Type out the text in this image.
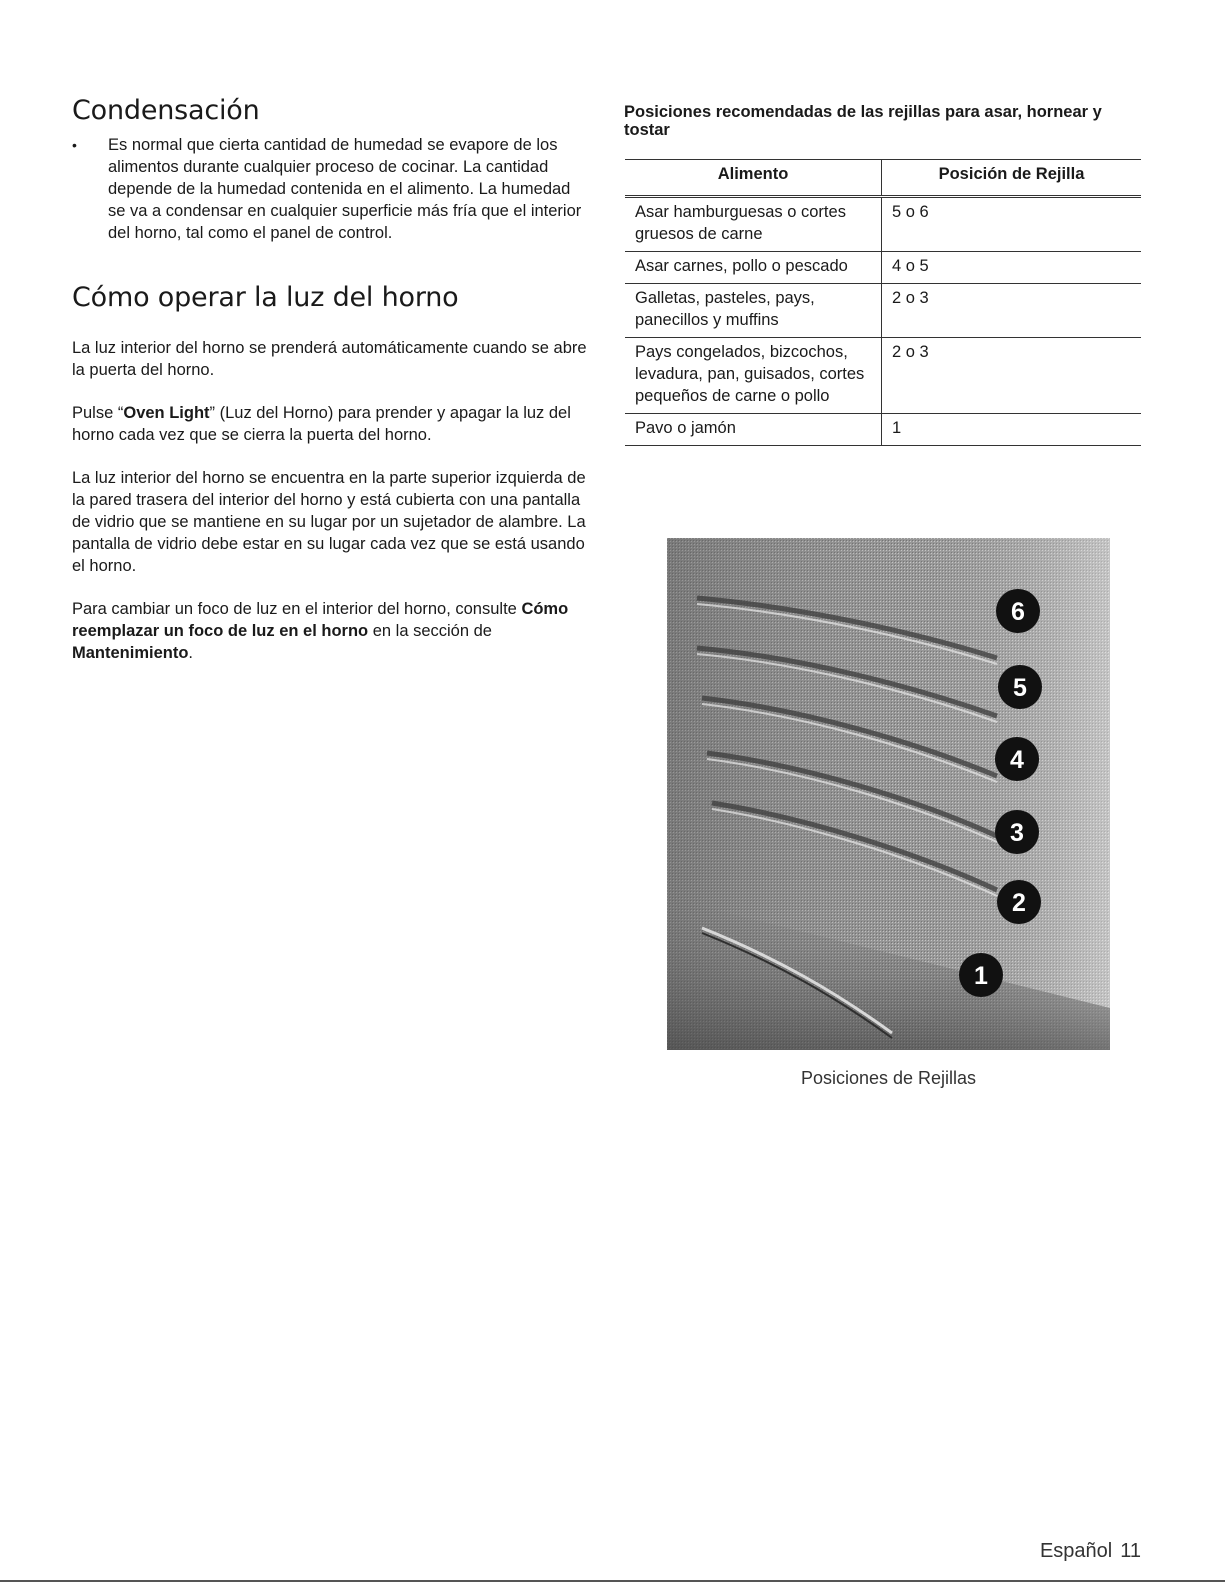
Condensación
• Es normal que cierta cantidad de humedad se evapore de los alimentos durante cualquier proceso de cocinar. La cantidad depende de la humedad contenida en el alimento. La humedad se va a condensar en cualquier superficie más fría que el interior del horno, tal como el panel de control.
Cómo operar la luz del horno

La luz interior del horno se prenderá automáticamente cuando se abre la puerta del horno.

Pulse “Oven Light” (Luz del Horno) para prender y apagar la luz del horno cada vez que se cierra la puerta del horno.

La luz interior del horno se encuentra en la parte superior izquierda de la pared trasera del interior del horno y está cubierta con una pantalla de vidrio que se mantiene en su lugar por un sujetador de alambre. La pantalla de vidrio debe estar en su lugar cada vez que se está usando el horno.

Para cambiar un foco de luz en el interior del horno, consulte Cómo reemplazar un foco de luz en el horno en la sección de Mantenimiento.

Posiciones recomendadas de las rejillas para asar, hornear y tostar
Alimento	Posición de Rejilla
Asar hamburguesas o cortes gruesos de carne	5 o 6
Asar carnes, pollo o pescado	4 o 5
Galletas, pasteles, pays, panecillos y muffins	2 o 3
Pays congelados, bizcochos, levadura, pan, guisados, cortes pequeños de carne o pollo	2 o 3
Pavo o jamón	1
6
5
4
3
2
1
Posiciones de Rejillas
Español 11
